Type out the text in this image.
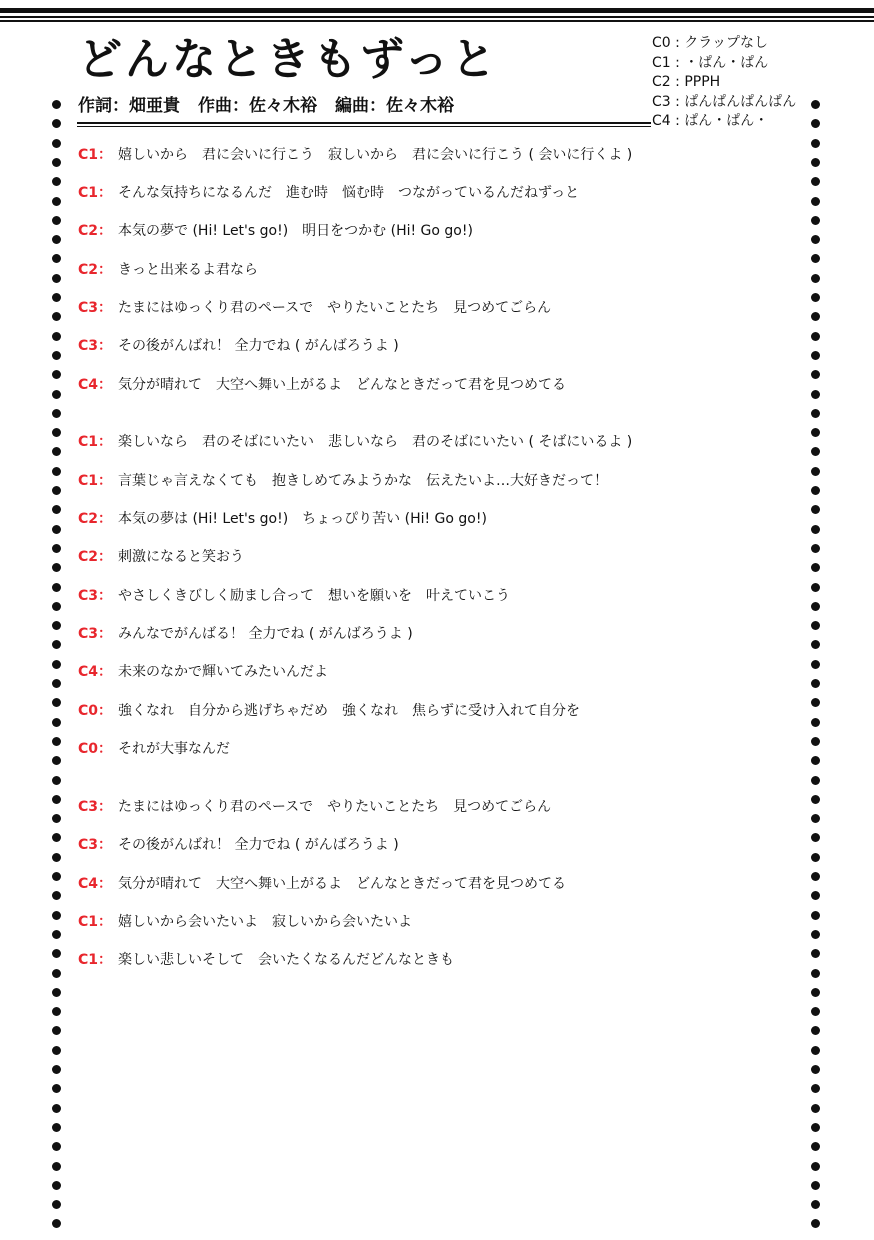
どんなときもずっと
作詞：畑亜貴 作曲：佐々木裕 編曲：佐々木裕
C0 : クラップなし
C1 : ・ぱん・ぱん
C2 : PPPH
C3 : ぱんぱんぱんぱん
C4 : ぱん・ぱん・
C1： 嬉しいから　君に会いに行こう　寂しいから　君に会いに行こう ( 会いに行くよ )
C1： そんな気持ちになるんだ　進む時　悩む時　つながっているんだねずっと
C2： 本気の夢で (Hi! Let's go!)　明日をつかむ (Hi! Go go!)
C2： きっと出来るよ君なら
C3： たまにはゆっくり君のペースで　やりたいことたち　見つめてごらん
C3： その後がんばれ！ 全力でね ( がんばろうよ )
C4： 気分が晴れて　大空へ舞い上がるよ　どんなときだって君を見つめてる
C1： 楽しいなら　君のそばにいたい　悲しいなら　君のそばにいたい ( そばにいるよ )
C1： 言葉じゃ言えなくても　抱きしめてみようかな　伝えたいよ…大好きだって！
C2： 本気の夢は (Hi! Let's go!)　ちょっぴり苦い (Hi! Go go!)
C2： 刺激になると笑おう
C3： やさしくきびしく励まし合って　想いを願いを　叶えていこう
C3： みんなでがんばる！ 全力でね ( がんばろうよ )
C4： 未来のなかで輝いてみたいんだよ
C0： 強くなれ　自分から逃げちゃだめ　強くなれ　焦らずに受け入れて自分を
C0： それが大事なんだ
C3： たまにはゆっくり君のペースで　やりたいことたち　見つめてごらん
C3： その後がんばれ！ 全力でね ( がんばろうよ )
C4： 気分が晴れて　大空へ舞い上がるよ　どんなときだって君を見つめてる
C1： 嬉しいから会いたいよ　寂しいから会いたいよ
C1： 楽しい悲しいそして　会いたくなるんだどんなときも
